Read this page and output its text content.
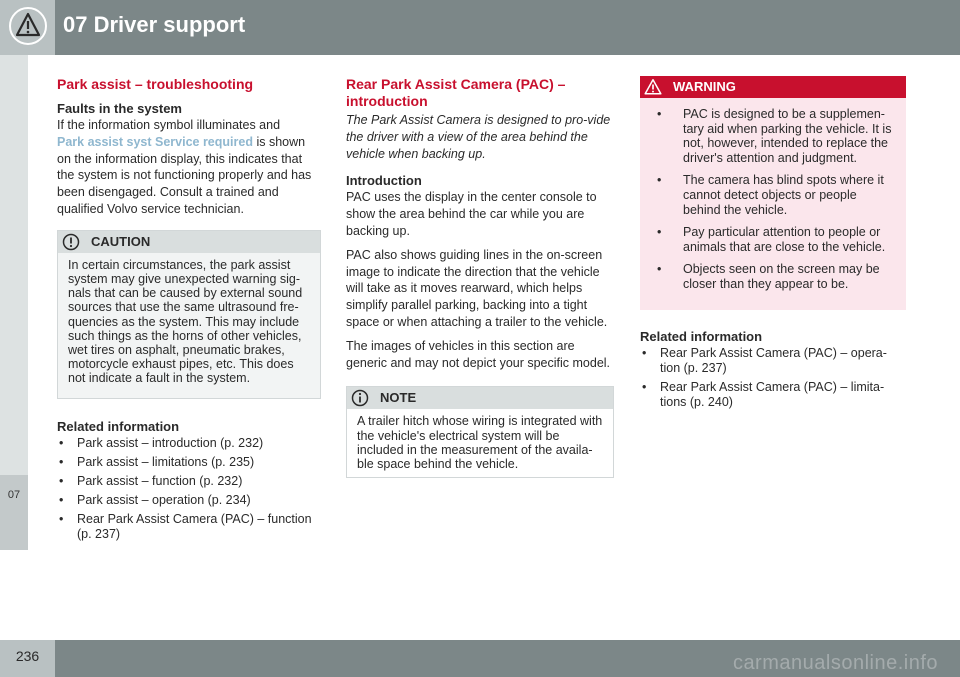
07 Driver support
07
Park assist – troubleshooting
Faults in the system

If the information symbol illuminates and
Park assist syst Service required is shown on the information display, this indicates that the system is not functioning properly and has been disengaged. Consult a trained and qualified Volvo service technician.

CAUTION
In certain circumstances, the park assist system may give unexpected warning sig-nals that can be caused by external sound sources that use the same ultrasound fre-quencies as the system. This may include such things as the horns of other vehicles, wet tires on asphalt, pneumatic brakes, motorcycle exhaust pipes, etc. This does not indicate a fault in the system.
Related information
• Park assist – introduction (p. 232)
• Park assist – limitations (p. 235)
• Park assist – function (p. 232)
• Park assist – operation (p. 234)
• Rear Park Assist Camera (PAC) – function (p. 237)
Rear Park Assist Camera (PAC) – introduction

The Park Assist Camera is designed to pro-vide the driver with a view of the area behind the vehicle when backing up.

Introduction

PAC uses the display in the center console to show the area behind the car while you are backing up.

PAC also shows guiding lines in the on-screen image to indicate the direction that the vehicle will take as it moves rearward, which helps simplify parallel parking, backing into a tight space or when attaching a trailer to the vehicle.

The images of vehicles in this section are generic and may not depict your specific model.

NOTE
A trailer hitch whose wiring is integrated with the vehicle's electrical system will be included in the measurement of the availa-ble space behind the vehicle.
WARNING
• PAC is designed to be a supplemen-tary aid when parking the vehicle. It is not, however, intended to replace the driver's attention and judgment.
• The camera has blind spots where it cannot detect objects or people behind the vehicle.
• Pay particular attention to people or animals that are close to the vehicle.
• Objects seen on the screen may be closer than they appear to be.
Related information
• Rear Park Assist Camera (PAC) – opera-tion (p. 237)
• Rear Park Assist Camera (PAC) – limita-tions (p. 240)
236	carmanualsonline.info
